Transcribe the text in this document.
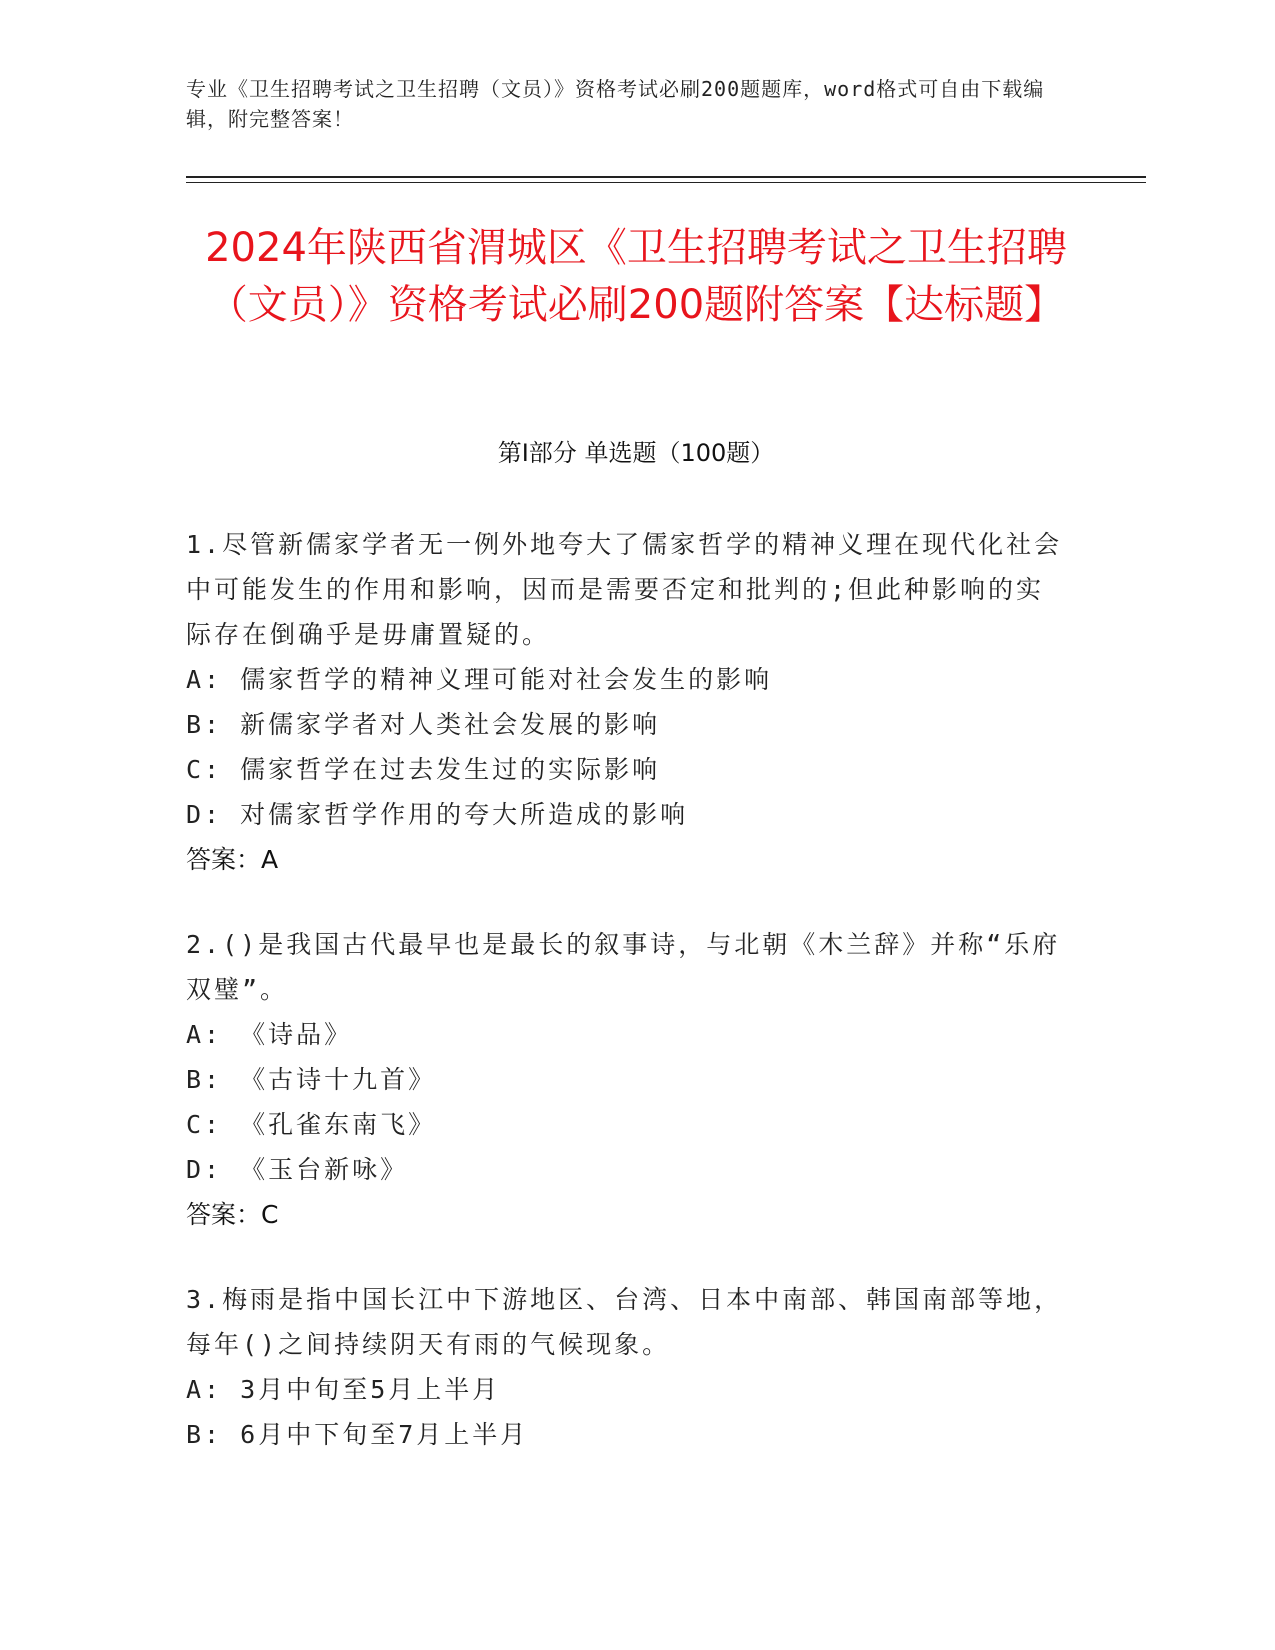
专业《卫生招聘考试之卫生招聘（文员）》资格考试必刷200题题库，word格式可自由下载编辑，附完整答案！
2024年陕西省渭城区《卫生招聘考试之卫生招聘（文员）》资格考试必刷200题附答案【达标题】
第I部分 单选题（100题）
1.尽管新儒家学者无一例外地夸大了儒家哲学的精神义理在现代化社会中可能发生的作用和影响，因而是需要否定和批判的;但此种影响的实际存在倒确乎是毋庸置疑的。
A: 儒家哲学的精神义理可能对社会发生的影响
B: 新儒家学者对人类社会发展的影响
C: 儒家哲学在过去发生过的实际影响
D: 对儒家哲学作用的夸大所造成的影响
答案：A
2.()是我国古代最早也是最长的叙事诗，与北朝《木兰辞》并称“乐府双璧”。
A: 《诗品》
B: 《古诗十九首》
C: 《孔雀东南飞》
D: 《玉台新咏》
答案：C
3.梅雨是指中国长江中下游地区、台湾、日本中南部、韩国南部等地，每年()之间持续阴天有雨的气候现象。
A: 3月中旬至5月上半月
B: 6月中下旬至7月上半月
